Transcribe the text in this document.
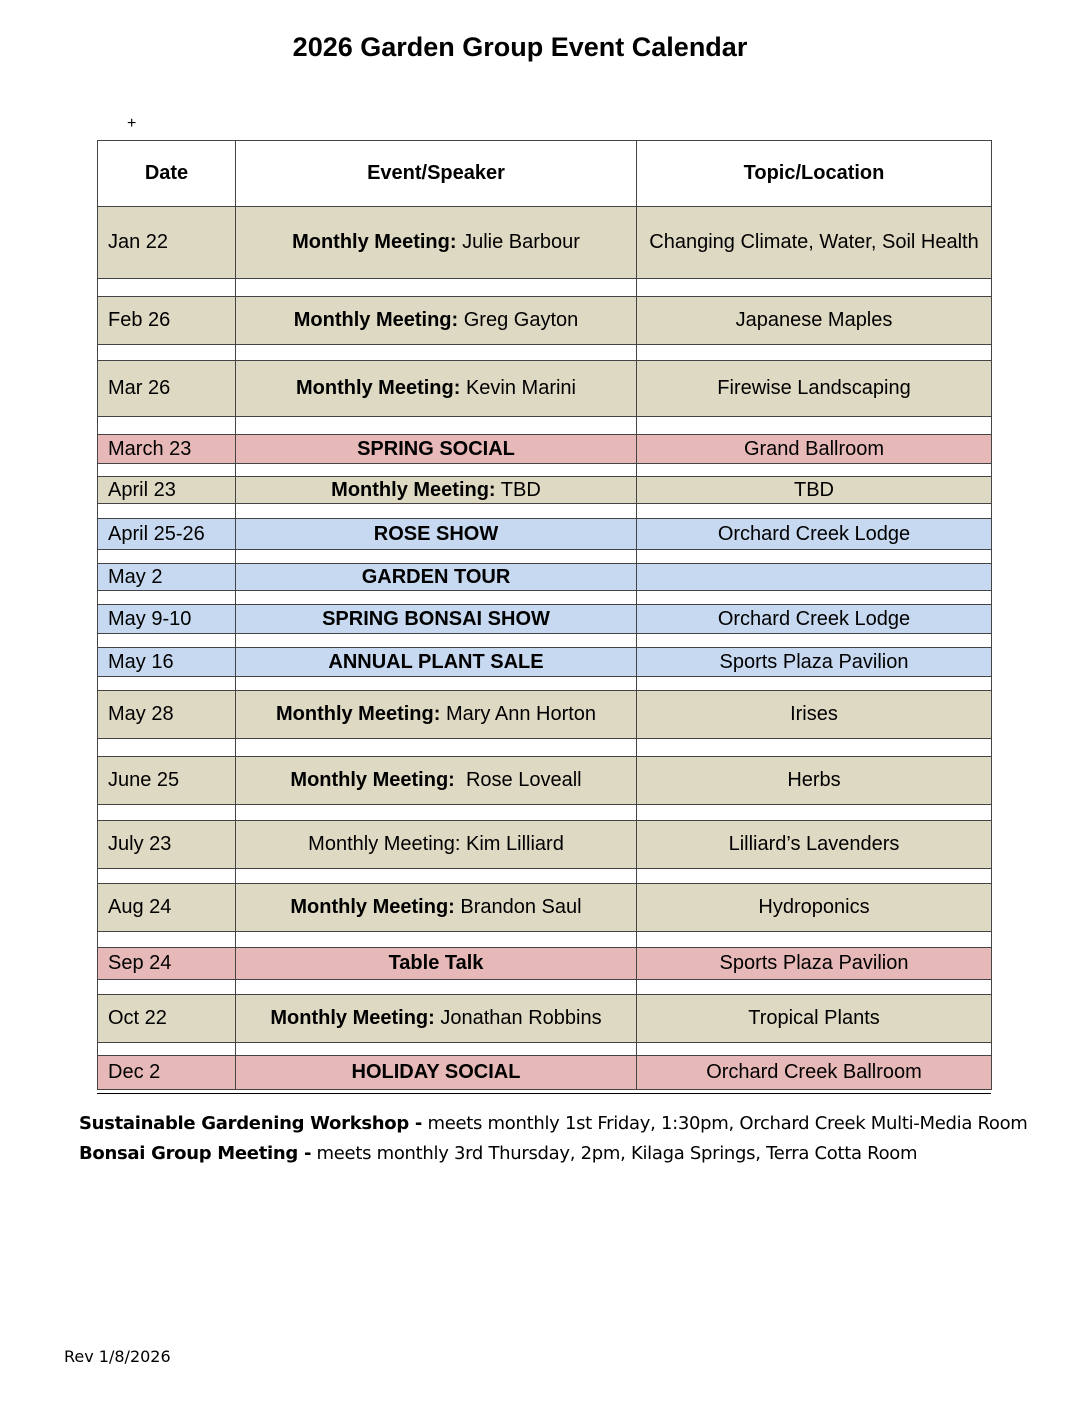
2026 Garden Group Event Calendar
+
Date	Event/Speaker	Topic/Location
Jan 22	Monthly Meeting: Julie Barbour	Changing Climate, Water, Soil Health

Feb 26	Monthly Meeting: Greg Gayton	Japanese Maples

Mar 26	Monthly Meeting: Kevin Marini	Firewise Landscaping

March 23	SPRING SOCIAL	Grand Ballroom

April 23	Monthly Meeting: TBD	TBD

April 25-26	ROSE SHOW	Orchard Creek Lodge

May 2	GARDEN TOUR	

May 9-10	SPRING BONSAI SHOW	Orchard Creek Lodge

May 16	ANNUAL PLANT SALE	Sports Plaza Pavilion

May 28	Monthly Meeting: Mary Ann Horton	Irises

June 25	Monthly Meeting:  Rose Loveall	Herbs

July 23	Monthly Meeting: Kim Lilliard	Lilliard’s Lavenders

Aug 24	Monthly Meeting: Brandon Saul	Hydroponics

Sep 24	Table Talk	Sports Plaza Pavilion

Oct 22	Monthly Meeting: Jonathan Robbins	Tropical Plants

Dec 2	HOLIDAY SOCIAL	Orchard Creek Ballroom
Sustainable Gardening Workshop - meets monthly 1st Friday, 1:30pm, Orchard Creek Multi-Media Room
Bonsai Group Meeting - meets monthly 3rd Thursday, 2pm, Kilaga Springs, Terra Cotta Room
Rev 1/8/2026
